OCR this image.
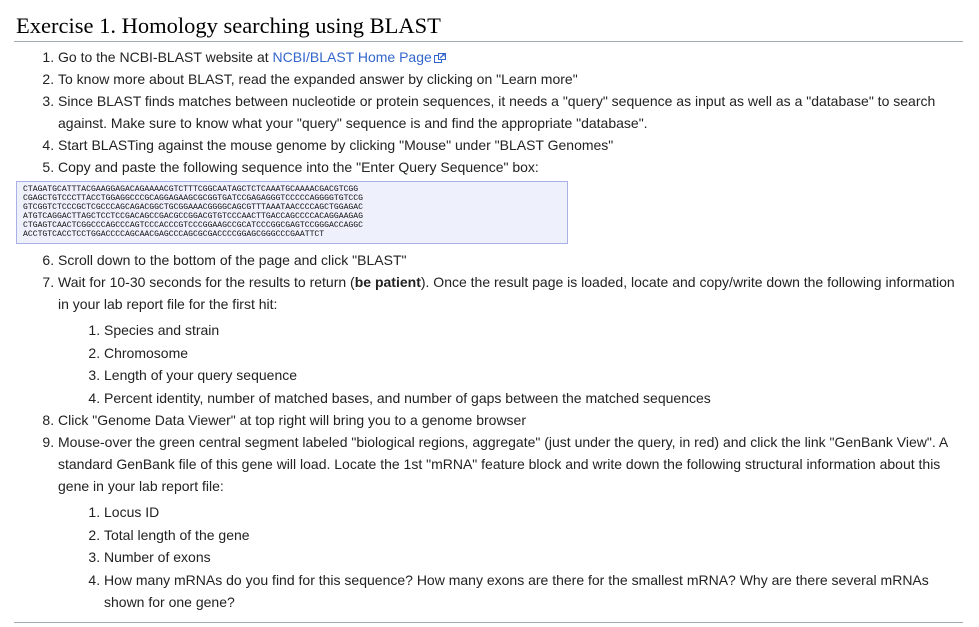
Exercise 1. Homology searching using BLAST
1. Go to the NCBI-BLAST website at NCBI/BLAST Home Page
2. To know more about BLAST, read the expanded answer by clicking on "Learn more"
3. Since BLAST finds matches between nucleotide or protein sequences, it needs a "query" sequence as input as well as a "database" to search against. Make sure to know what your "query" sequence is and find the appropriate "database".
4. Start BLASTing against the mouse genome by clicking "Mouse" under "BLAST Genomes"
5. Copy and paste the following sequence into the "Enter Query Sequence" box:
CTAGATGCATTTACGAAGGAGACAGAAAACGTCTTTCGGCAATAGCTCTCAAATGCAAAACGACGTCGG
CGAGCTGTCCCTTACCTGGAGGCCCGCAGGAGAAGCGCGGTGATCCGAGAGGGTCCCCCAGGGGTGTCCG
GTCGGTCTCCCGCTCGCCCAGCAGACGGCTGCGGAAACGGGGCAGCGTTTAAATAACCCCAGCTGGAGAC
ATGTCAGGACTTAGCTCCTCCGACAGCCGACGCCGGACGTGTCCCAACTTGACCAGCCCCACAGGAAGAG
CTGAGTCAACTCGGCCCAGCCCAGTCCCACCCGTCCCGGAAGCCGCATCCCGGCGAGTCCGGGACCAGGC
ACCTGTCACCTCCTGGACCCCAGCAACGAGCCCAGCGCGACCCCGGAGCGGGCCCGAATTCT
6. Scroll down to the bottom of the page and click "BLAST"
7. Wait for 10-30 seconds for the results to return (be patient). Once the result page is loaded, locate and copy/write down the following information in your lab report file for the first hit:
1. Species and strain
2. Chromosome
3. Length of your query sequence
4. Percent identity, number of matched bases, and number of gaps between the matched sequences
8. Click "Genome Data Viewer" at top right will bring you to a genome browser
9. Mouse-over the green central segment labeled "biological regions, aggregate" (just under the query, in red) and click the link "GenBank View". A standard GenBank file of this gene will load. Locate the 1st "mRNA" feature block and write down the following structural information about this gene in your lab report file:
1. Locus ID
2. Total length of the gene
3. Number of exons
4. How many mRNAs do you find for this sequence? How many exons are there for the smallest mRNA? Why are there several mRNAs shown for one gene?
